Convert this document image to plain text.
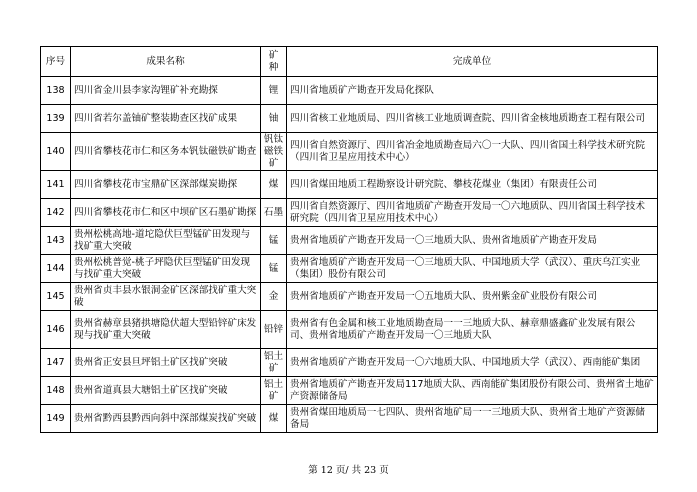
序号	成果名称	矿种	完成单位
138	四川省金川县李家沟锂矿补充勘探	锂	四川省地质矿产勘查开发局化探队
139	四川省若尔盖铀矿整装勘查区找矿成果	铀	四川省核工业地质局、四川省核工业地质调查院、四川省金核地质勘查工程有限公司
140	四川省攀枝花市仁和区务本钒钛磁铁矿勘查	钒钛磁铁矿	四川省自然资源厅、四川省冶金地质勘查局六〇一大队、四川省国土科学技术研究院（四川省卫星应用技术中心）
141	四川省攀枝花市宝鼎矿区深部煤炭勘探	煤	四川省煤田地质工程勘察设计研究院、攀枝花煤业（集团）有限责任公司
142	四川省攀枝花市仁和区中坝矿区石墨矿勘探	石墨	四川省自然资源厅、四川省地质矿产勘查开发局一〇六地质队、四川省国土科学技术研究院（四川省卫星应用技术中心）
143	贵州松桃高地-道坨隐伏巨型锰矿田发现与找矿重大突破	锰	贵州省地质矿产勘查开发局一〇三地质大队、贵州省地质矿产勘查开发局
144	贵州松桃普觉-桃子坪隐伏巨型锰矿田发现与找矿重大突破	锰	贵州省地质矿产勘查开发局一〇三地质大队、中国地质大学（武汉）、重庆乌江实业（集团）股份有限公司
145	贵州省贞丰县水银洞金矿区深部找矿重大突破	金	贵州省地质矿产勘查开发局一〇五地质大队、贵州紫金矿业股份有限公司
146	贵州省赫章县猪拱塘隐伏超大型铅锌矿床发现与找矿重大突破	铅锌	贵州省有色金属和核工业地质勘查局一一三地质大队、赫章鼎盛鑫矿业发展有限公司、贵州省地质矿产勘查开发局一〇三地质大队
147	贵州省正安县旦坪铝土矿区找矿突破	铝土矿	贵州省地质矿产勘查开发局一〇六地质大队、中国地质大学（武汉）、西南能矿集团
148	贵州省道真县大塘铝土矿区找矿突破	铝土矿	贵州省地质矿产勘查开发局117地质大队、西南能矿集团股份有限公司、贵州省土地矿产资源储备局
149	贵州省黔西县黔西向斜中深部煤炭找矿突破	煤	贵州省煤田地质局一七四队、贵州省地矿局一一三地质大队、贵州省土地矿产资源储备局
第 12 页/ 共 23 页
